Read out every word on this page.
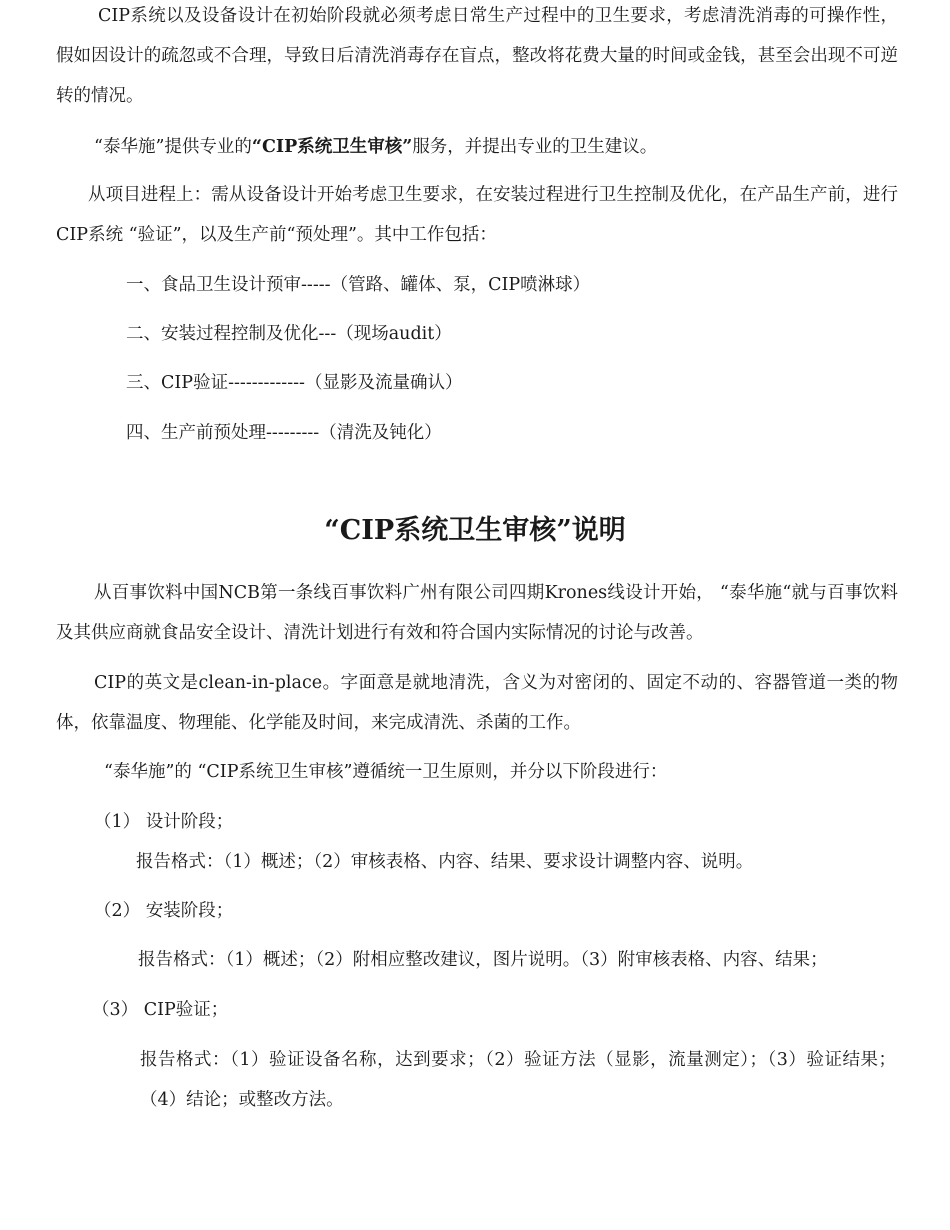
CIP系统以及设备设计在初始阶段就必须考虑日常生产过程中的卫生要求，考虑清洗消毒的可操作性，假如因设计的疏忽或不合理，导致日后清洗消毒存在盲点，整改将花费大量的时间或金钱，甚至会出现不可逆转的情况。

“泰华施”提供专业的“CIP系统卫生审核”服务，并提出专业的卫生建议。

从项目进程上：需从设备设计开始考虑卫生要求，在安装过程进行卫生控制及优化，在产品生产前，进行CIP系统 “验证”，以及生产前“预处理”。其中工作包括：

一、食品卫生设计预审-----（管路、罐体、泵，CIP喷淋球）

二、安装过程控制及优化---（现场audit）

三、CIP验证-------------（显影及流量确认）

四、生产前预处理---------（清洗及钝化）

“CIP系统卫生审核”说明

从百事饮料中国NCB第一条线百事饮料广州有限公司四期Krones线设计开始， “泰华施“就与百事饮料及其供应商就食品安全设计、清洗计划进行有效和符合国内实际情况的讨论与改善。

CIP的英文是clean-in-place。字面意是就地清洗，含义为对密闭的、固定不动的、容器管道一类的物体，依靠温度、物理能、化学能及时间，来完成清洗、杀菌的工作。

“泰华施”的 “CIP系统卫生审核”遵循统一卫生原则，并分以下阶段进行：

（1） 设计阶段；

报告格式：（1）概述；（2）审核表格、内容、结果、要求设计调整内容、说明。

（2） 安装阶段；

报告格式：（1）概述；（2）附相应整改建议，图片说明。（3）附审核表格、内容、结果；

（3） CIP验证；

报告格式：（1）验证设备名称，达到要求；（2）验证方法（显影，流量测定）；（3）验证结果；（4）结论；或整改方法。
